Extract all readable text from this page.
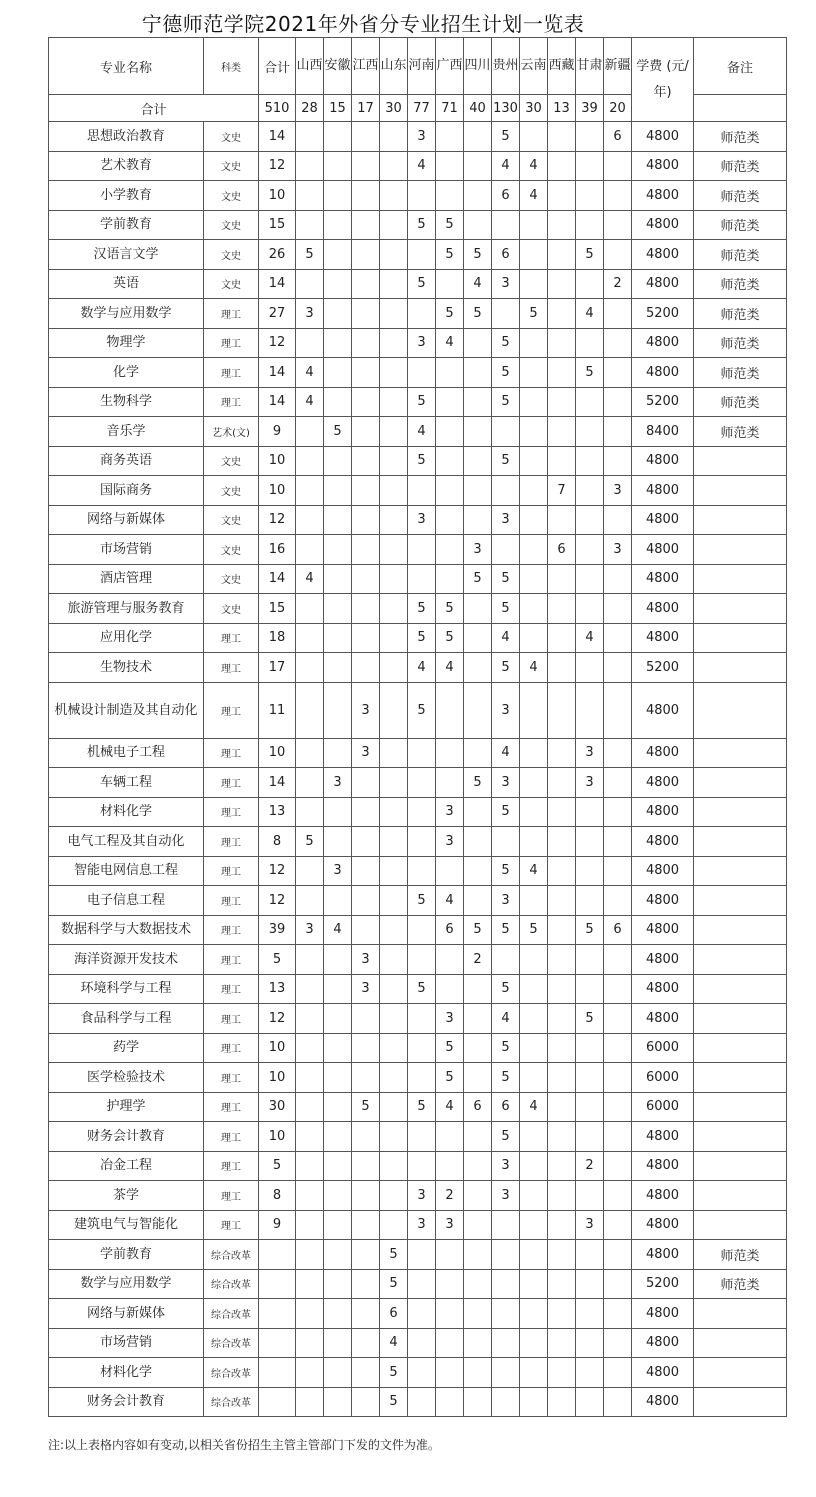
宁德师范学院2021年外省分专业招生计划一览表
专业名称	科类	合计	山西	安徽	江西	山东	河南	广西	四川	贵州	云南	西藏	甘肃	新疆	学费 (元/年)	备注
合计		510	28	15	17	30	77	71	40	130	30	13	39	20		
思想政治教育	文史	14					3			5				6	4800	师范类
艺术教育	文史	12					4			4	4				4800	师范类
小学教育	文史	10								6	4				4800	师范类
学前教育	文史	15					5	5							4800	师范类
汉语言文学	文史	26	5					5	5	6			5		4800	师范类
英语	文史	14					5		4	3				2	4800	师范类
数学与应用数学	理工	27	3					5	5		5		4		5200	师范类
物理学	理工	12					3	4		5					4800	师范类
化学	理工	14	4							5			5		4800	师范类
生物科学	理工	14	4				5			5					5200	师范类
音乐学	艺术(文)	9		5			4								8400	师范类
商务英语	文史	10					5			5					4800	
国际商务	文史	10										7		3	4800	
网络与新媒体	文史	12					3			3					4800	
市场营销	文史	16							3			6		3	4800	
酒店管理	文史	14	4						5	5					4800	
旅游管理与服务教育	文史	15					5	5		5					4800	
应用化学	理工	18					5	5		4			4		4800	
生物技术	理工	17					4	4		5	4				5200	
机械设计制造及其自动化	理工	11			3		5			3					4800	
机械电子工程	理工	10			3					4			3		4800	
车辆工程	理工	14		3					5	3			3		4800	
材料化学	理工	13						3		5					4800	
电气工程及其自动化	理工	8	5					3							4800	
智能电网信息工程	理工	12		3						5	4				4800	
电子信息工程	理工	12					5	4		3					4800	
数据科学与大数据技术	理工	39	3	4				6	5	5	5		5	6	4800	
海洋资源开发技术	理工	5			3				2						4800	
环境科学与工程	理工	13			3		5			5					4800	
食品科学与工程	理工	12						3		4			5		4800	
药学	理工	10						5		5					6000	
医学检验技术	理工	10						5		5					6000	
护理学	理工	30			5		5	4	6	6	4				6000	
财务会计教育	理工	10								5					4800	
冶金工程	理工	5								3			2		4800	
茶学	理工	8					3	2		3					4800	
建筑电气与智能化	理工	9					3	3					3		4800	
学前教育	综合改革					5									4800	师范类
数学与应用数学	综合改革					5									5200	师范类
网络与新媒体	综合改革					6									4800	
市场营销	综合改革					4									4800	
材料化学	综合改革					5									4800	
财务会计教育	综合改革					5									4800	
注:以上表格内容如有变动,以相关省份招生主管主管部门下发的文件为准。
